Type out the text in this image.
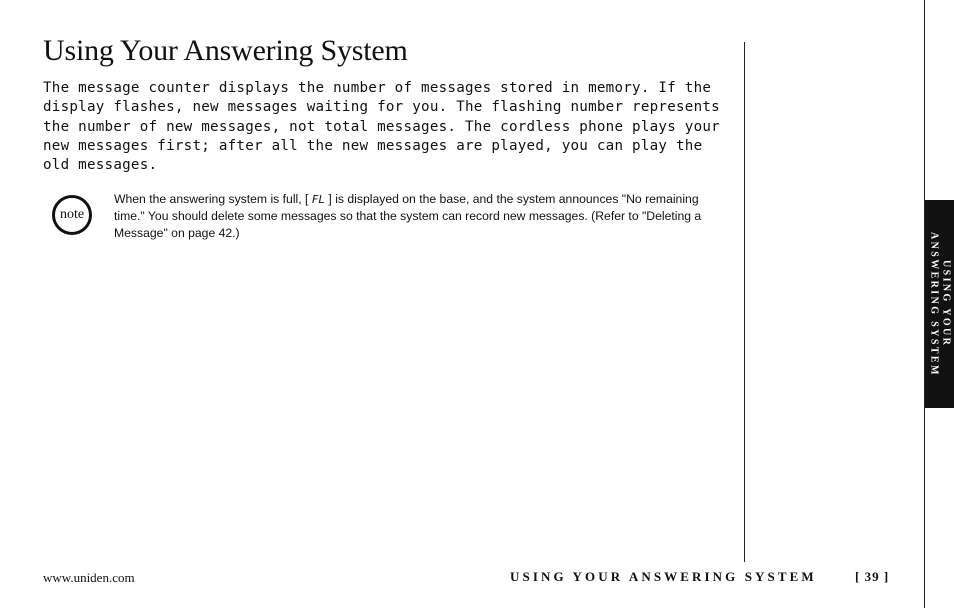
Using Your Answering System

The message counter displays the number of messages stored in memory. If the display flashes, new messages waiting for you. The flashing number represents the number of new messages, not total messages. The cordless phone plays your new messages first; after all the new messages are played, you can play the old messages.

note

When the answering system is full, [ FL ] is displayed on the base, and the system announces "No remaining time." You should delete some messages so that the system can record new messages. (Refer to "Deleting a Message" on page 42.)

USING YOUR
ANSWERING SYSTEM
www.uniden.com	USING YOUR ANSWERING SYSTEM	[ 39 ]
